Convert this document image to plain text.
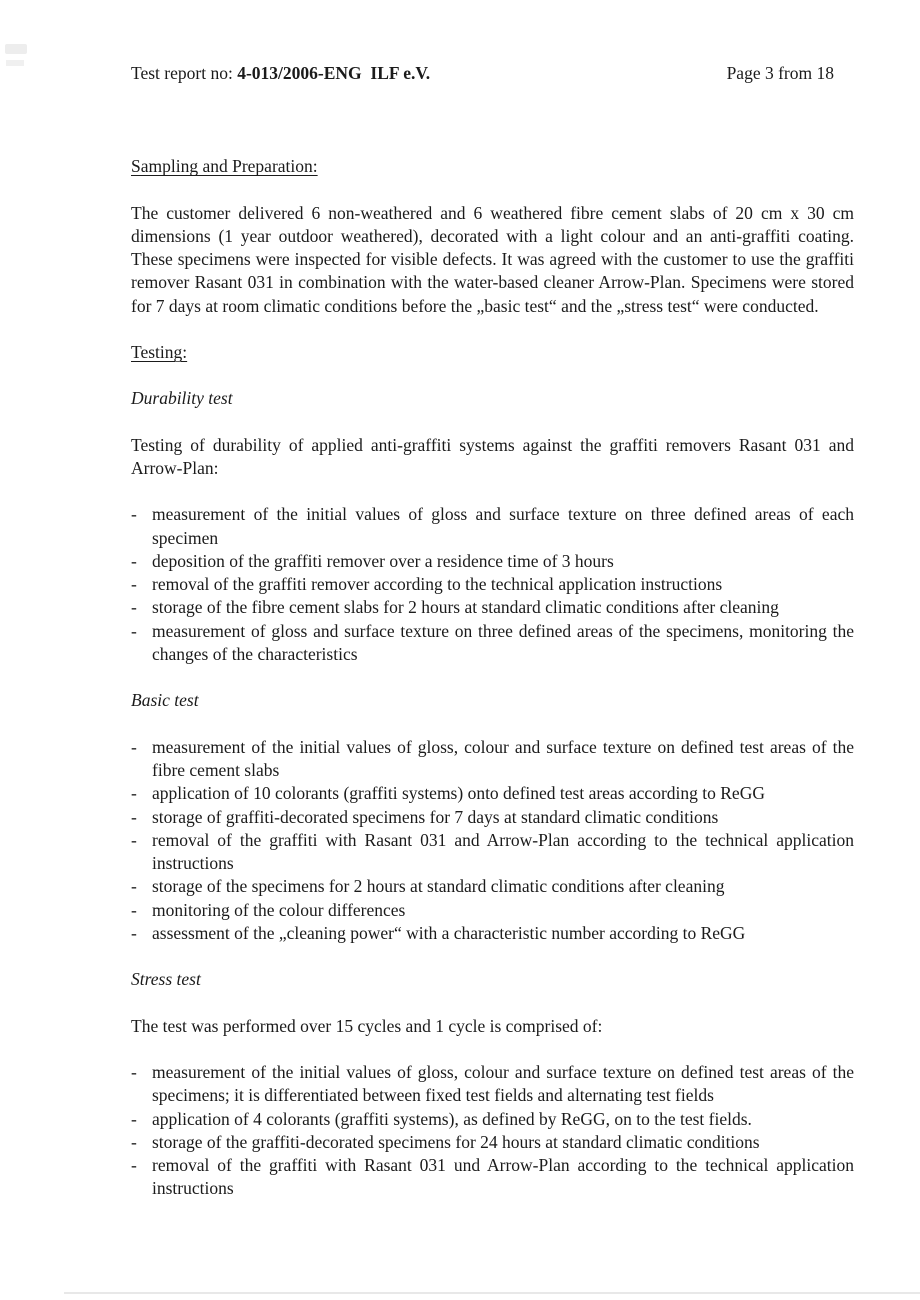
Test report no: 4-013/2006-ENG  ILF e.V.	Page 3 from 18
Sampling and Preparation:
The customer delivered 6 non-weathered and 6 weathered fibre cement slabs of 20 cm x 30 cm dimensions (1 year outdoor weathered), decorated with a light colour and an anti-graffiti coating. These specimens were inspected for visible defects. It was agreed with the customer to use the graffiti remover Rasant 031 in combination with the water-based cleaner Arrow-Plan. Specimens were stored for 7 days at room climatic conditions before the „basic test“ and the „stress test“ were conducted.
Testing:
Durability test
Testing of durability of applied anti-graffiti systems against the graffiti removers Rasant 031 and Arrow-Plan:
- measurement of the initial values of gloss and surface texture on three defined areas of each specimen
- deposition of the graffiti remover over a residence time of 3 hours
- removal of the graffiti remover according to the technical application instructions
- storage of the fibre cement slabs for 2 hours at standard climatic conditions after cleaning
- measurement of gloss and surface texture on three defined areas of the specimens, monitoring the changes of the characteristics
Basic test
- measurement of the initial values of gloss, colour and surface texture on defined test areas of the fibre cement slabs
- application of 10 colorants (graffiti systems) onto defined test areas according to ReGG
- storage of graffiti-decorated specimens for 7 days at standard climatic conditions
- removal of the graffiti with Rasant 031 and Arrow-Plan according to the technical application instructions
- storage of the specimens for 2 hours at standard climatic conditions after cleaning
- monitoring of the colour differences
- assessment of the „cleaning power“ with a characteristic number according to ReGG
Stress test
The test was performed over 15 cycles and 1 cycle is comprised of:
- measurement of the initial values of gloss, colour and surface texture on defined test areas of the specimens; it is differentiated between fixed test fields and alternating test fields
- application of 4 colorants (graffiti systems), as defined by ReGG, on to the test fields.
- storage of the graffiti-decorated specimens for 24 hours at standard climatic conditions
- removal of the graffiti with Rasant 031 und Arrow-Plan according to the technical application instructions
